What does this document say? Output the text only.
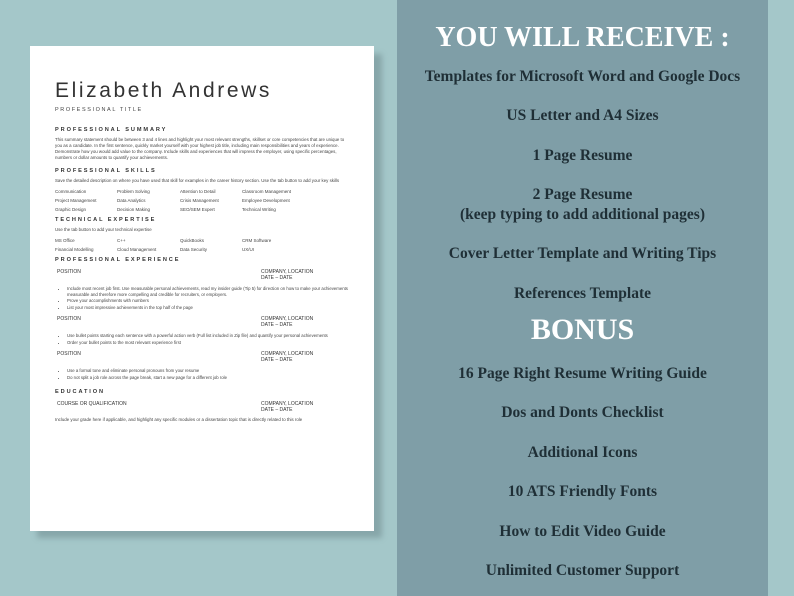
Elizabeth Andrews
PROFESSIONAL TITLE
PROFESSIONAL SUMMARY
This summary statement should be between 3 and 4 lines and highlight your most relevant strengths, skillset or core competencies that are unique to you as a candidate. In the first sentence, quickly market yourself with your highest job title, including main responsibilities and years of experience. Demonstrate how you would add value to the company. Include skills and experiences that will impress the employer, using specific percentages, numbers or dollar amounts to quantify your achievements.
PROFESSIONAL SKILLS
Save the detailed description on where you have used that skill for examples in the career history section. Use the tab button to add your key skills
Communication	Problem Solving	Attention to Detail	Classroom Management
Project Management	Data Analytics	Crisis Management	Employee Development
Graphic Design	Decision Making	SEO/SEM Expert	Technical Writing
TECHNICAL EXPERTISE
Use the tab button to add your technical expertise
MS Office	C++	QuickBooks	CRM Software
Financial Modelling	Cloud Management	Data Security	UX/UI
PROFESSIONAL EXPERIENCE
POSITION	COMPANY, LOCATION
DATE – DATE
• Include most recent job first. Use measurable personal achievements, read my insider guide (Tip 5) for direction on how to make your achievements measurable and therefore more compelling and credible for recruiters, or employers.
• Prove your accomplishments with numbers
• List your most impressive achievements in the top half of the page
POSITION	COMPANY, LOCATION
DATE – DATE
• Use bullet points starting each sentence with a powerful action verb (Full list included in Zip file) and quantify your personal achievements
• Order your bullet points to the most relevant experience first
POSITION	COMPANY, LOCATION
DATE – DATE
• Use a formal tone and eliminate personal pronouns from your resume
• Do not split a job role across the page break, start a new page for a different job role
EDUCATION
COURSE OR QUALIFICATION	COMPANY, LOCATION
DATE – DATE
Include your grade here if applicable, and highlight any specific modules or a dissertation topic that is directly related to this role
YOU WILL RECEIVE :
Templates for Microsoft Word and Google Docs
US Letter and A4 Sizes
1 Page Resume
2 Page Resume
(keep typing to add additional pages)
Cover Letter Template and Writing Tips
References Template
BONUS
16 Page Right Resume Writing Guide
Dos and Donts Checklist
Additional Icons
10 ATS Friendly Fonts
How to Edit Video Guide
Unlimited Customer Support
